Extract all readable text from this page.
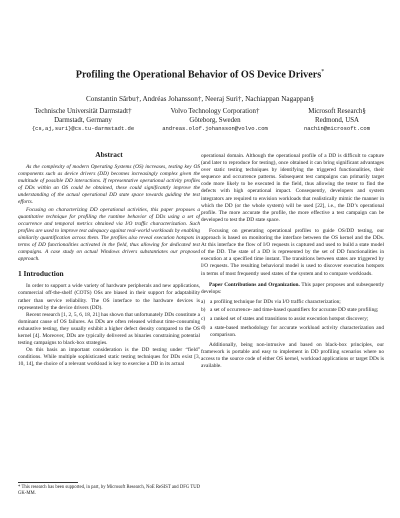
Profiling the Operational Behavior of OS Device Drivers*
Constantin Sârbu†, Andréas Johansson†, Neeraj Suri†, Nachiappan Nagappan§
Technische Universität Darmstadt†
Darmstadt, Germany
{cs,aj,suri}@cs.tu-darmstadt.de
Volvo Technology Corporation†
Göteborg, Sweden
andreas.olof.johansson@volvo.com
Microsoft Research§
Redmond, USA
nachin@microsoft.com
Abstract

As the complexity of modern Operating Systems (OS) increases, testing key OS components such as device drivers (DD) becomes increasingly complex given the multitude of possible DD interactions. If representative operational activity profiles of DDs within an OS could be obtained, these could significantly improve the understanding of the actual operational DD state space towards guiding the test efforts.

Focusing on characterizing DD operational activities, this paper proposes a quantitative technique for profiling the runtime behavior of DDs using a set of occurrence and temporal metrics obtained via I/O traffic characterization. Such profiles are used to improve test adequacy against real-world workloads by enabling similarity quantification across them. The profiles also reveal execution hotspots in terms of DD functionalities activated in the field, thus allowing for dedicated test campaigns. A case study on actual Windows drivers substantiates our proposed approach.

1 Introduction

In order to support a wide variety of hardware peripherals and new applications, commercial off-the-shelf (COTS) OSs are biased in their support for adaptability rather than service reliability. The OS interface to the hardware devices is represented by the device drivers (DD).

Recent research [1, 2, 5, 6, 18, 21] has shown that unfortunately DDs constitute a dominant cause of OS failures. As DDs are often released without time-consuming exhaustive testing, they usually exhibit a higher defect density compared to the OS kernel [4]. Moreover, DDs are typically delivered as binaries constraining potential testing campaigns to black-box strategies.

On this basis an important consideration is the DD testing under “field” conditions. While multiple sophisticated static testing techniques for DDs exist [3, 10, 14], the choice of a relevant workload is key to exercise a DD in its actual

* This research has been supported, in part, by Microsoft Research, NoE ReSIST and DFG TUD GK-MM.

operational domain. Although the operational profile of a DD is difficult to capture (and later to reproduce for testing), once obtained it can bring significant advantages over static testing techniques by identifying the triggered functionalities, their sequence and occurrence patterns. Subsequent test campaigns can primarily target code more likely to be executed in the field, thus allowing the tester to find the defects with high operational impact. Consequently, developers and system integrators are required to envision workloads that realistically mimic the manner in which the DD (or the whole system) will be used [22], i.e., the DD’s operational profile. The more accurate the profile, the more effective a test campaign can be developed to test the DD state space.

Focusing on generating operational profiles to guide OS/DD testing, our approach is based on monitoring the interface between the OS kernel and the DDs. At this interface the flow of I/O requests is captured and used to build a state model of the DD. The state of a DD is represented by the set of DD functionalities in execution at a specified time instant. The transitions between states are triggered by I/O requests. The resulting behavioral model is used to discover execution hotspots in terms of most frequently used states of the system and to compare workloads.

Paper Contributions and Organization. This paper proposes and subsequently develops:

a) a profiling technique for DDs via I/O traffic characterization;
b) a set of occurrence- and time-based quantifiers for accurate DD state profiling;
c) a ranked set of states and transitions to assist execution hotspot discovery;
d) a state-based methodology for accurate workload activity characterization and comparison.

Additionally, being non-intrusive and based on black-box principles, our framework is portable and easy to implement in DD profiling scenarios where no access to the source code of either OS kernel, workload applications or target DDs is available.
